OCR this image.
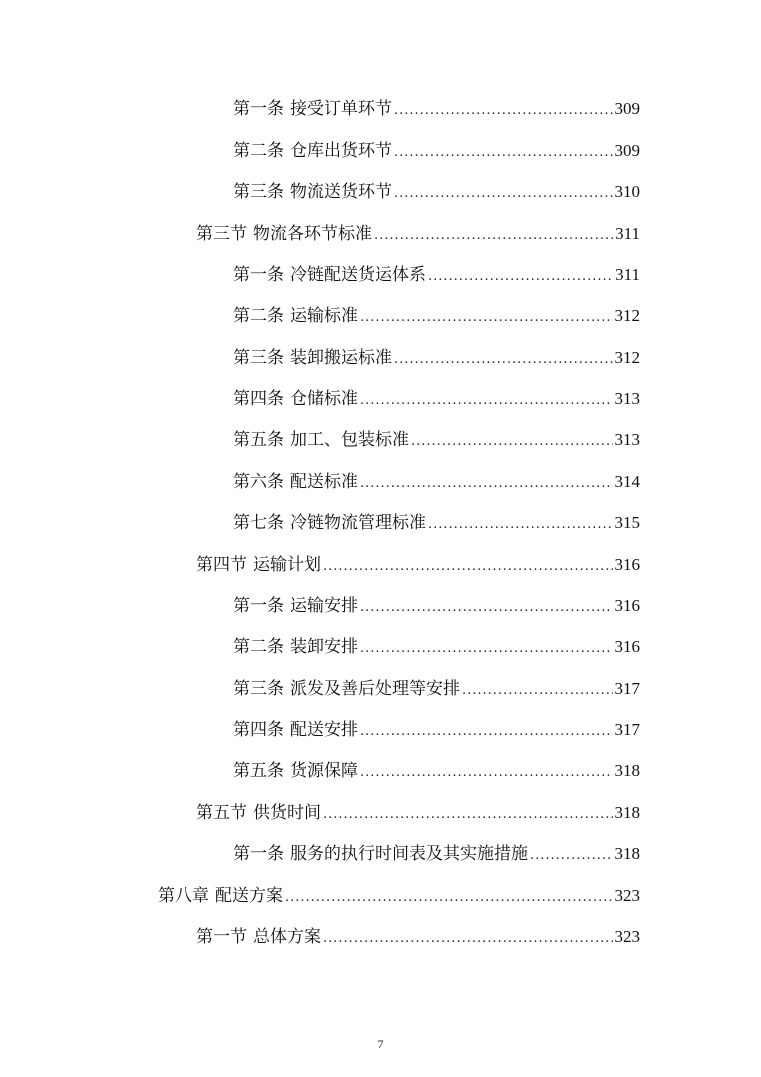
第一条 接受订单环节 .....	309
第二条 仓库出货环节 .....	309
第三条 物流送货环节 .....	310
第三节 物流各环节标准 .....	311
第一条 冷链配送货运体系 .....	311
第二条 运输标准 .....	312
第三条 装卸搬运标准 .....	312
第四条 仓储标准 .....	313
第五条 加工、包装标准 .....	313
第六条 配送标准 .....	314
第七条 冷链物流管理标准 .....	315
第四节 运输计划 .....	316
第一条 运输安排 .....	316
第二条 装卸安排 .....	316
第三条 派发及善后处理等安排 .....	317
第四条 配送安排 .....	317
第五条 货源保障 .....	318
第五节 供货时间 .....	318
第一条 服务的执行时间表及其实施措施 .....	318
第八章 配送方案 .....	323
第一节 总体方案 .....	323
7
